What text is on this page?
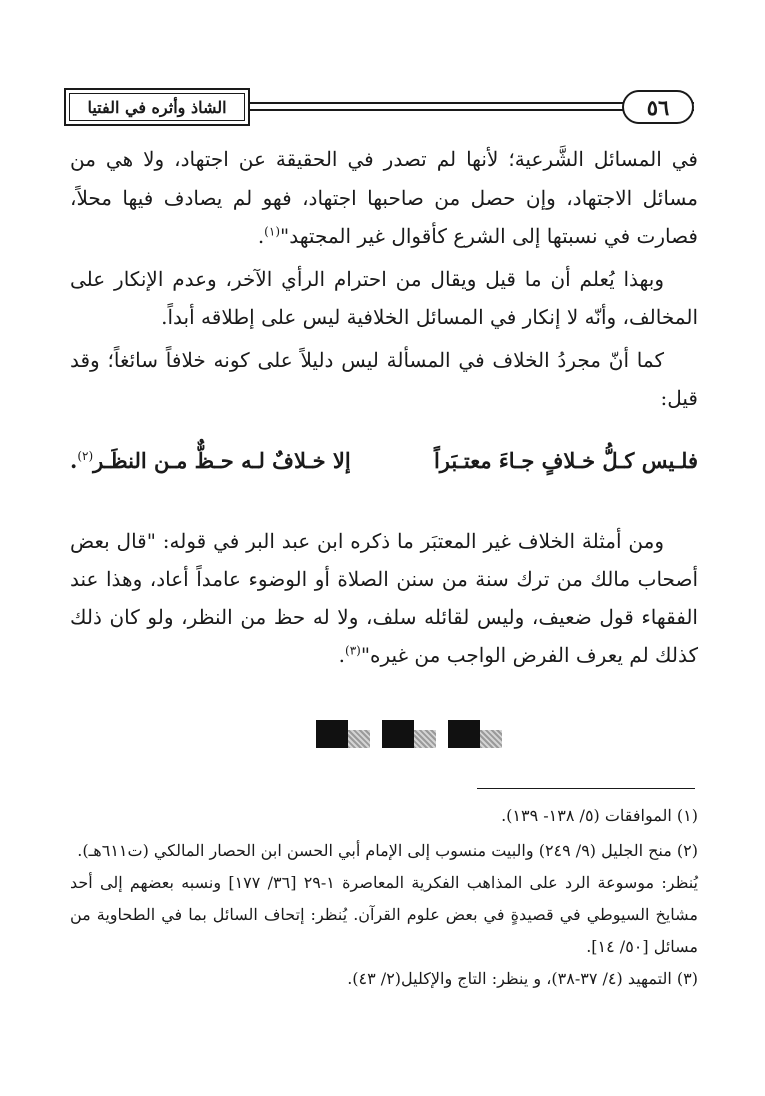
الشاذ وأثره في الفتيا	٥٦

في المسائل الشَّرعية؛ لأنها لم تصدر في الحقيقة عن اجتهاد، ولا هي من مسائل الاجتهاد، وإن حصل من صاحبها اجتهاد، فهو لم يصادف فيها محلاً، فصارت في نسبتها إلى الشرع كأقوال غير المجتهد"$^{(١)}$.

وبهذا يُعلم أن ما قيل ويقال من احترام الرأي الآخر، وعدم الإنكار على المخالف، وأنّه لا إنكار في المسائل الخلافية ليس على إطلاقه أبداً.

كما أنّ مجردُ الخلاف في المسألة ليس دليلاً على كونه خلافاً سائغاً؛ وقد قيل:

فلـيس كـلُّ خـلافٍ جـاءَ معتـبَراً
إلا خـلافٌ لـه حـظٌّ مـن النظَـر$^{(٢)}$.

ومن أمثلة الخلاف غير المعتبَر ما ذكره ابن عبد البر في قوله: "قال بعض أصحاب مالك من ترك سنة من سنن الصلاة أو الوضوء عامداً أعاد، وهذا عند الفقهاء قول ضعيف، وليس لقائله سلف، ولا له حظ من النظر، ولو كان ذلك كذلك لم يعرف الفرض الواجب من غيره"$^{(٣)}$.

(١) الموافقات (٥/ ١٣٨- ١٣٩).

(٢) منح الجليل (٩/ ٢٤٩) والبيت منسوب إلى الإمام أبي الحسن ابن الحصار المالكي (ت٦١١هـ).

يُنظر: موسوعة الرد على المذاهب الفكرية المعاصرة ١-٢٩ [٣٦/ ١٧٧] ونسبه بعضهم إلى أحد مشايخ السيوطي في قصيدةٍ في بعض علوم القرآن. يُنظر: إتحاف السائل بما في الطحاوية من مسائل [٥٠/ ١٤].

(٣) التمهيد (٤/ ٣٧-٣٨)، و ينظر: التاج والإكليل(٢/ ٤٣).
